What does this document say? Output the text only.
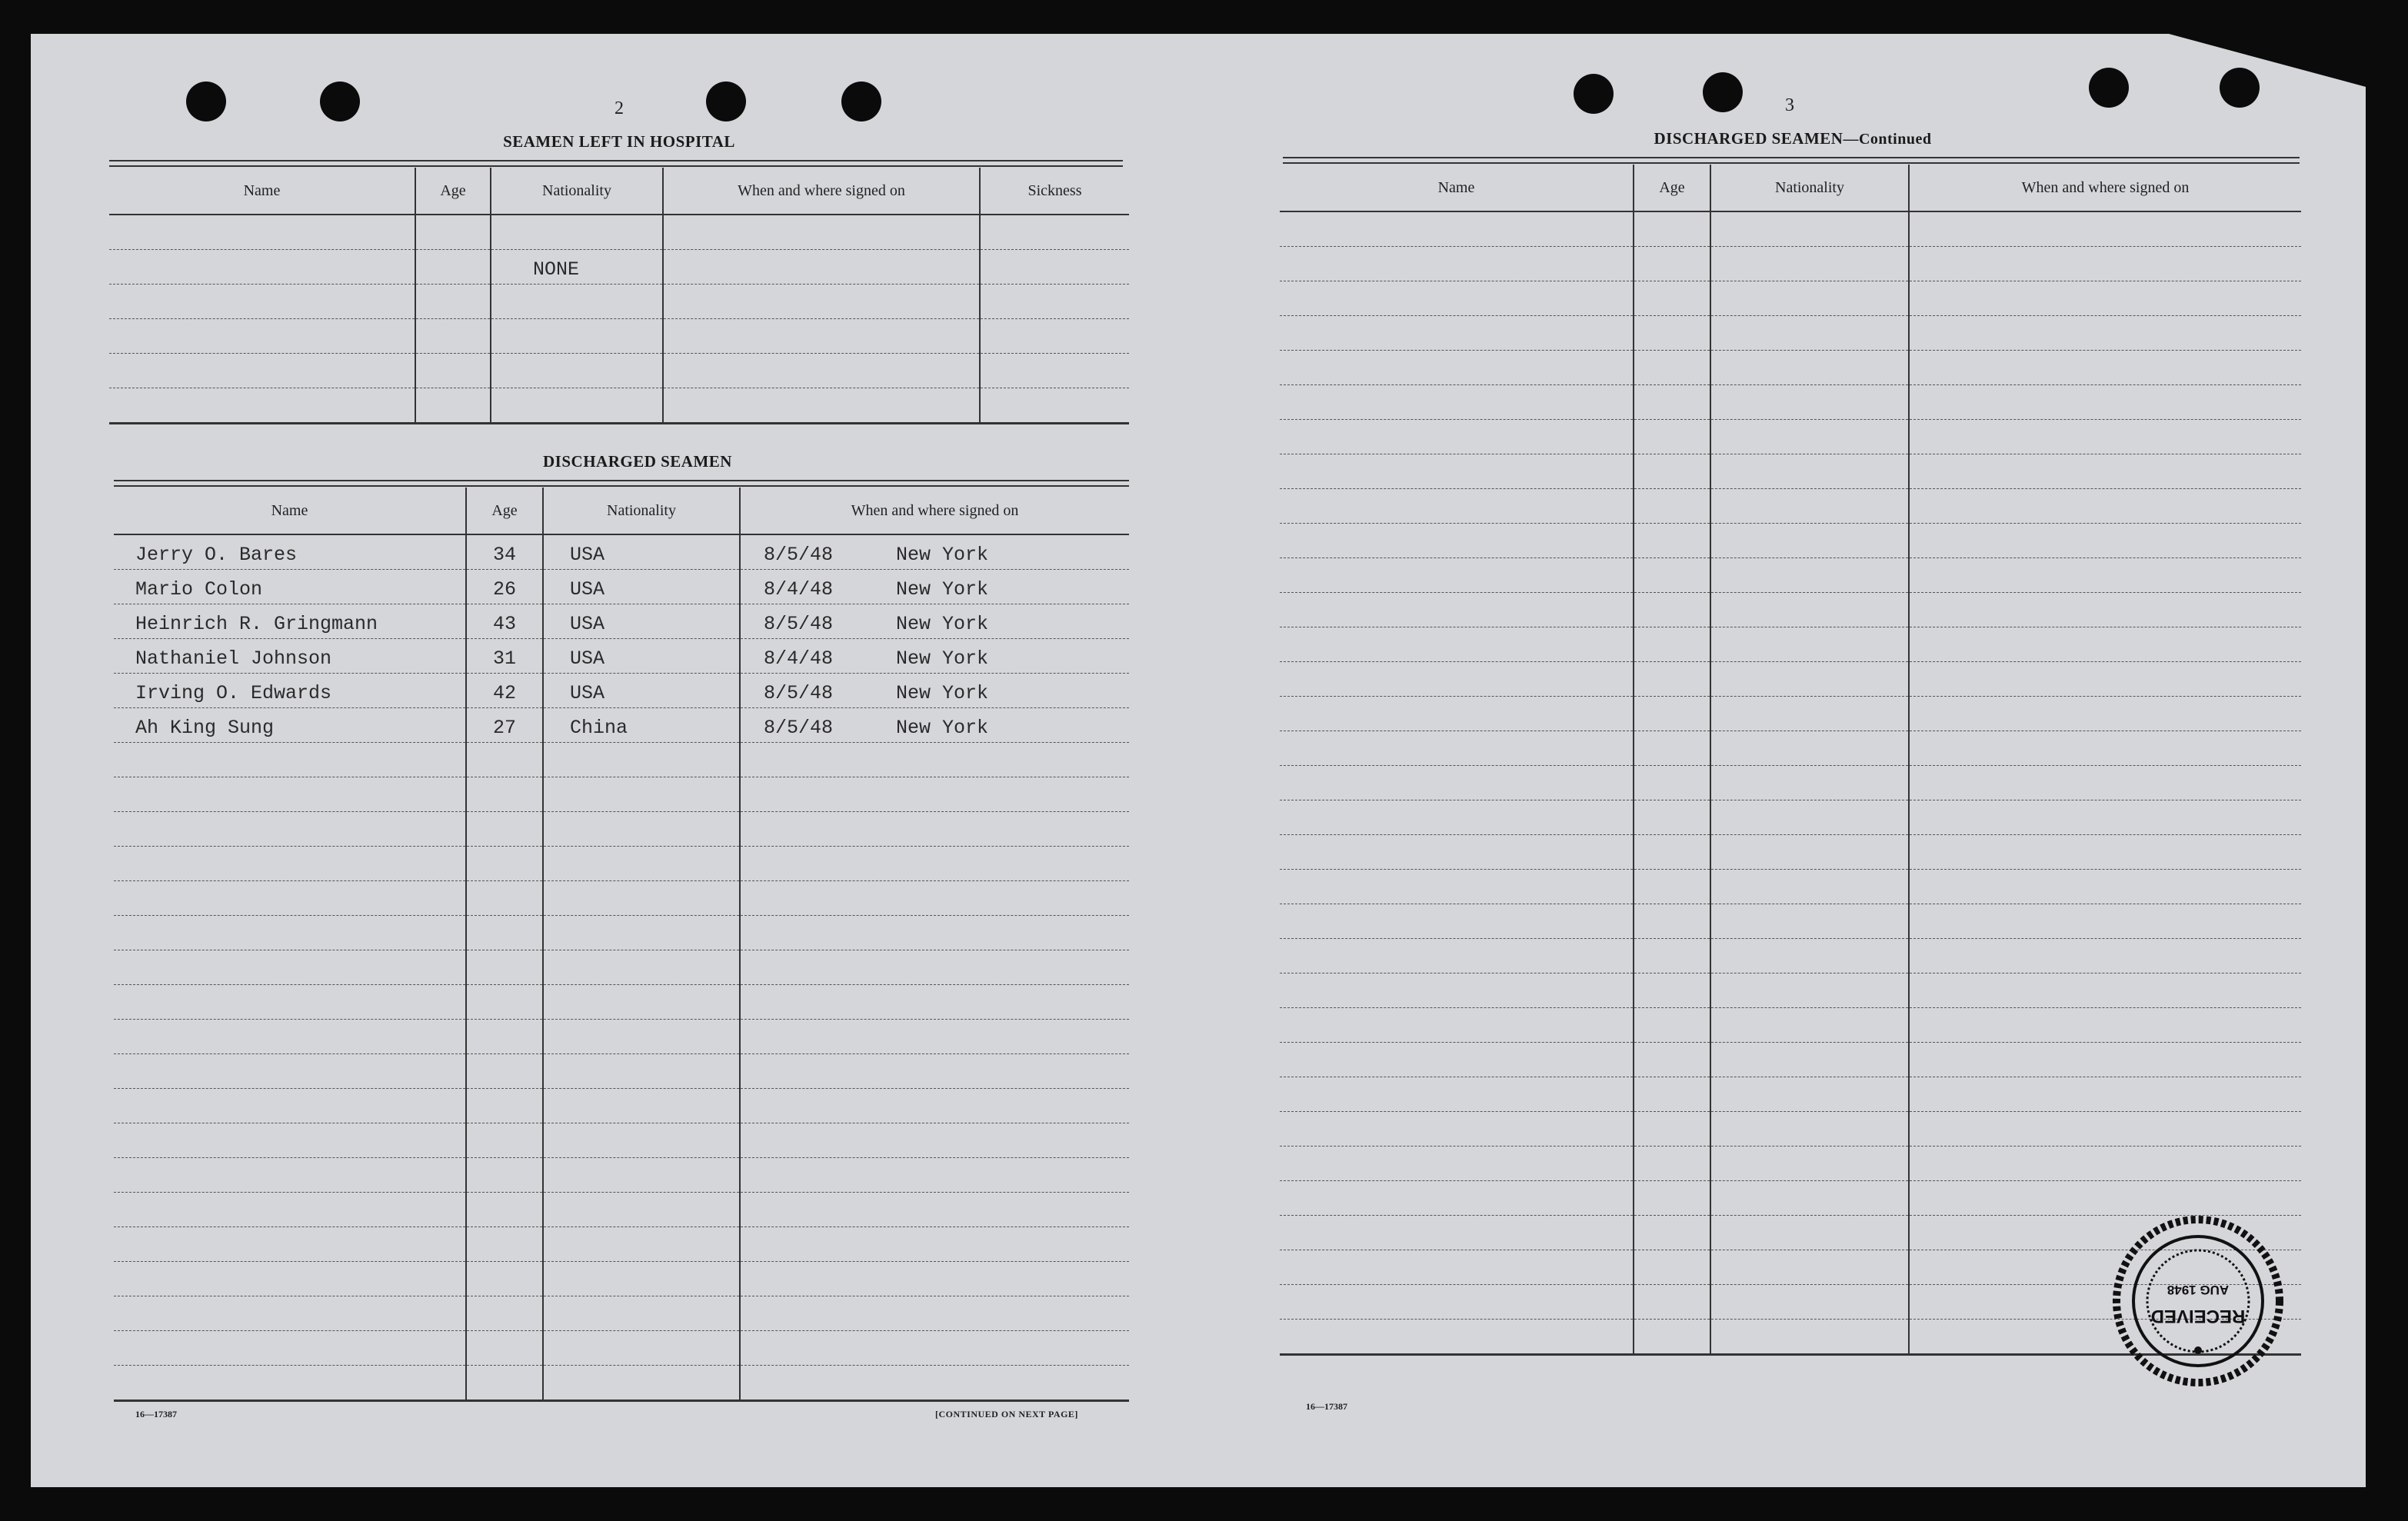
2
SEAMEN LEFT IN HOSPITAL
Name	Age	Nationality	When and where signed on	Sickness

		NONE		

DISCHARGED SEAMEN
Name	Age	Nationality	When and where signed on
Jerry O. Bares	34	USA	8/5/48 New York
Mario Colon	26	USA	8/4/48 New York
Heinrich R. Gringmann	43	USA	8/5/48 New York
Nathaniel Johnson	31	USA	8/4/48 New York
Irving O. Edwards	42	USA	8/5/48 New York
Ah King Sung	27	China	8/5/48 New York

16—17387	[CONTINUED ON NEXT PAGE]
3
DISCHARGED SEAMEN—Continued
Name	Age	Nationality	When and where signed on

16—17387
RECEIVED
AUG 1948
